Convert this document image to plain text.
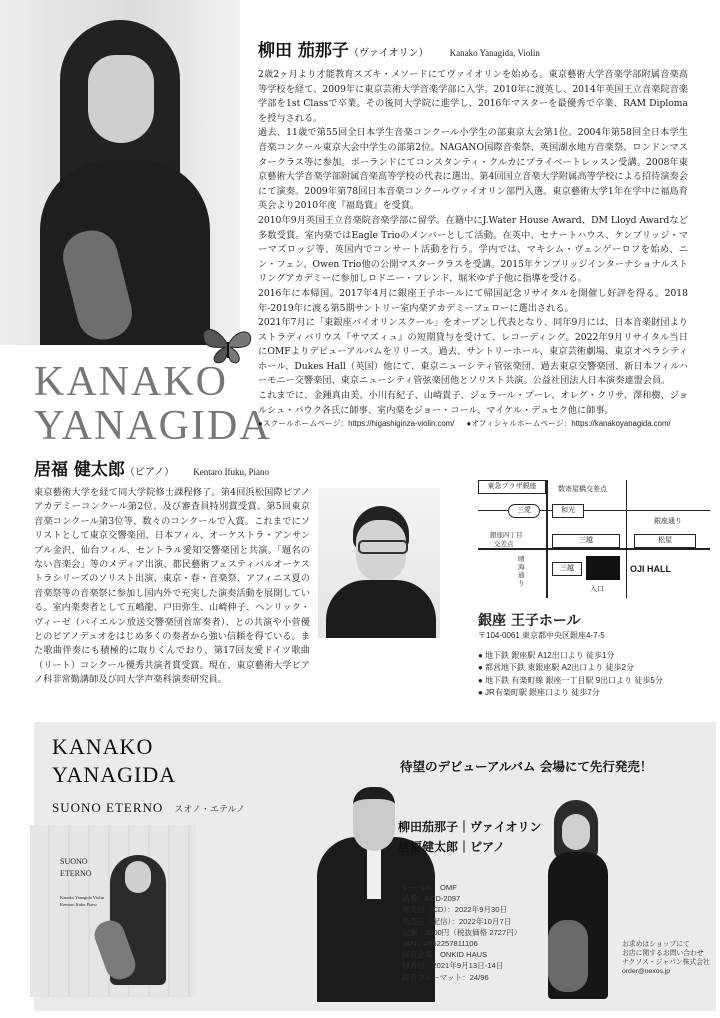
KANAKO
YANAGIDA
柳田 茄那子（ヴァイオリン） Kanako Yanagida, Violin

2歳2ヶ月より才能教育スズキ・メソードにてヴァイオリンを始める。東京藝術大学音楽学部附属音楽高等学校を経て、2009年に東京芸術大学音楽学部に入学。2010年に渡英し、2014年英国王立音楽院音楽学部を1st Classで卒業。その後同大学院に進学し、2016年マスターを最優秀で卒業、RAM Diplomaを授与される。

過去、11歳で第55回全日本学生音楽コンクール小学生の部東京大会第1位。2004年第58回全日本学生音楽コンクール東京大会中学生の部第2位。NAGANO国際音楽祭、英国湖水地方音楽祭、ロンドンマスタークラス等に参加。ポーランドにてコンスタンティ・クルカにプライベートレッスン受講。2008年東京藝術大学音楽学部附属音楽高等学校の代表に選出、第4回国立音楽大学附属高等学校による招待演奏会にて演奏。2009年第78回日本音楽コンクールヴァイオリン部門入選。東京藝術大学1年在学中に福島育英会より2010年度『福島賞』を受賞。

2010年9月英国王立音楽院音楽学部に留学。在籍中にJ.Water House Award、DM Lloyd Awardなど多数受賞。室内楽ではEagle Trioのメンバーとして活動。在英中、セナートハウス、ケンブリッジ・マーマズロッジ等、英国内でコンサート活動を行う。学内では、マキシム・ヴェンゲーロフを始め、ニン・フェン、Owen Trio他の公開マスタークラスを受講。2015年ケンブリッジインターナショナルストリングアカデミーに参加しロドニー・フレンド、堀米ゆず子他に指導を受ける。

2016年に本帰国。2017年4月に銀座王子ホールにて帰国記念リサイタルを開催し好評を得る。2018年-2019年に渡る第5期サントリー室内楽アカデミーフェローに選出される。

2021年7月に「東銀座バイオリンスクール」をオープンし代表となり、同年9月には、日本音楽財団よりストラディバリウス『サマズィュ』の短期貸与を受けて、レコーディング。2022年9月リサイタル当日にOMFよりデビューアルバムをリリース。過去、サントリーホール、東京芸術劇場、東京オペラシティホール、Dukes Hall（英国）他にて、東京ニューシティ管弦楽団、過去東京交響楽団、新日本フィルハーモニー交響楽団、東京ニューシティ管弦楽団他とソリスト共演。公益社団法人日本演奏連盟会員。

これまでに、金鍾真由美、小川有紀子、山崎貴子、ジェラール・プーレ、オレグ・クリサ、澤和樹、ジョルシュ・パウク各氏に師事、室内楽をジョー・コール、マイケル・デュセク他に師事。

●スクールホームページ：https://higashiginza-violin.com/ ●オフィシャルホームページ：https://kanakoyanagida.com/
居福 健太郎（ピアノ） Kentaro Ifuku, Piano
東京藝術大学を経て同大学院修士課程修了。第4回浜松国際ピアノアカデミーコンクール第2位、及び審査員特別賞受賞、第5回東京音楽コンクール第3位等、数々のコンクールで入賞。これまでにソリストとして東京交響楽団、日本フィル、オーケストラ・アンサンブル金沢、仙台フィル、セントラル愛知交響楽団と共演。「題名のない音楽会」等のメディア出演、都民藝術フェスティバルオーケストラシリーズのソリスト出演、東京・春・音楽祭、アフィニス夏の音楽祭等の音楽祭に参加し国内外で充実した演奏活動を展開している。室内楽奏者として五嶋龍、戸田弥生、山崎伸子、ヘンリック・ヴィーゼ（バイエルン放送交響楽団首席奏者）、との共演や小菅優とのピアノデュオをはじめ多くの奏者から強い信頼を得ている。また歌曲伴奏にも積極的に取りくんでおり、第17回友愛ドイツ歌曲（リート）コンクール優秀共演者賞受賞。現在、東京藝術大学ピアノ科非常勤講師及び同大学声楽科演奏研究員。
東急プラザ銀座	数寄屋橋交差点
三愛	和光
銀座通り
銀座四丁目
交差点
三越	松屋
晴海通り
三越	OJI HALL
入口
銀座 王子ホール
〒104-0061 東京都中央区銀座4-7-5
● 地下鉄 銀座駅 A12出口より 徒歩1分
● 都営地下鉄 東銀座駅 A2出口より 徒歩2分
● 地下鉄 有楽町線 銀座一丁目駅 9出口より 徒歩5分
● JR有楽町駅 銀座口より 徒歩7分
KANAKO
YANAGIDA
SUONO ETERNO スオノ・エテルノ
SUONO
ETERNO
Kanako Yanagida Violin
Kentaro Ifuku Piano
待望のデビューアルバム 会場にて先行発売！
柳田茄那子｜ヴァイオリン
居福健太郎｜ピアノ
レーベル：OMF
品番：KCD-2097
発売日（CD）：2022年9月30日
発売日（配信）：2022年10月7日
定価：3000円（税抜価格 2727円）
JAN：4562257811106
録音会場：ONKID HAUS
録音日：2021年9月13日-14日
録音フォーマット：24/96
お求めはショップにて
お店に関するお問い合わせ
ナクソス・ジャパン株式会社
order@nexos.jp
